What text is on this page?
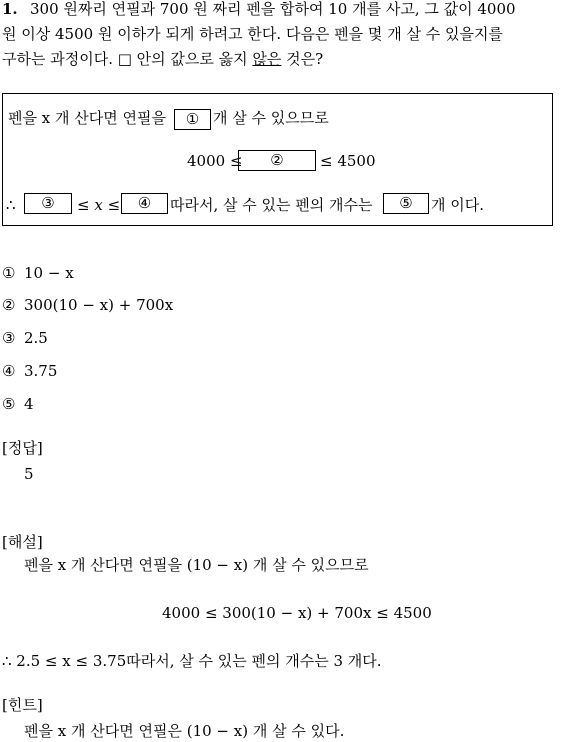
1. 300 원짜리 연필과 700 원 짜리 펜을 합하여 10 개를 사고, 그 값이 4000
원 이상 4500 원 이하가 되게 하려고 한다. 다음은 펜을 몇 개 살 수 있을지를
구하는 과정이다. □ 안의 값으로 옳지 않은 것은?
펜을 x 개 산다면 연필을	① 개 살 수 있으므로
4000 ≤	②	≤ 4500
∴	③	≤ x ≤	④	따라서, 살 수 있는 펜의 개수는	⑤	개 이다.
① 10 − x
② 300(10 − x) + 700x
③ 2.5
④ 3.75
⑤ 4
[정답]
5
[해설]
펜을 x 개 산다면 연필을 (10 − x) 개 살 수 있으므로
4000 ≤ 300(10 − x) + 700x ≤ 4500
∴ 2.5 ≤ x ≤ 3.75따라서, 살 수 있는 펜의 개수는 3 개다.
[힌트]
펜을 x 개 산다면 연필은 (10 − x) 개 살 수 있다.
